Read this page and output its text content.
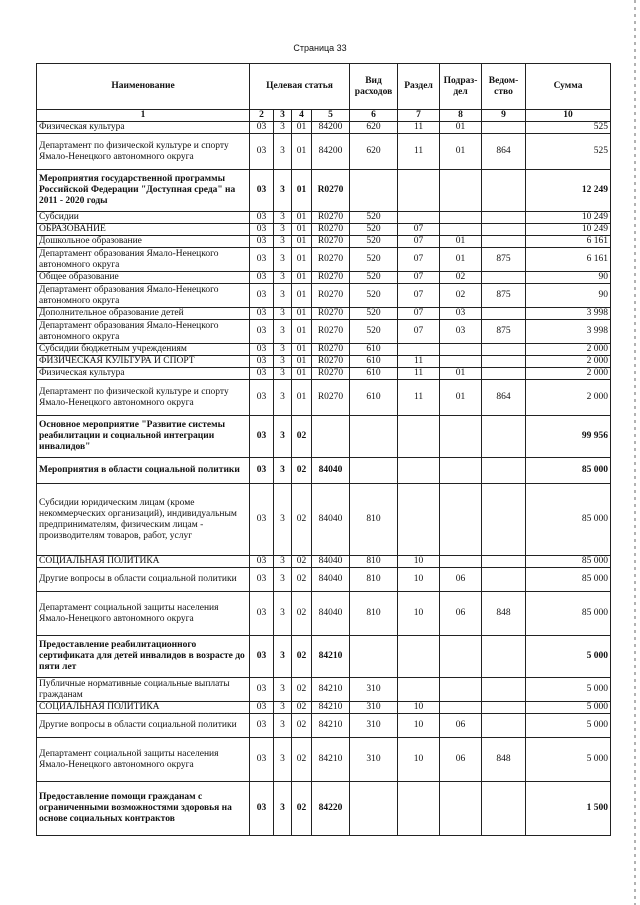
Страница 33
Наименование	Целевая статья				Вид расходов	Раздел	Подраз- дел	Ведом- ство	Сумма
1	2	3	4	5	6	7	8	9	10
Физическая культура	03	3	01	84200	620	11	01		525
Департамент по физической культуре и спорту Ямало-Ненецкого автономного округа	03	3	01	84200	620	11	01	864	525
Мероприятия государственной программы Российской Федерации "Доступная среда" на 2011 - 2020 годы	03	3	01	R0270					12 249
Субсидии	03	3	01	R0270	520				10 249
ОБРАЗОВАНИЕ	03	3	01	R0270	520	07			10 249
Дошкольное образование	03	3	01	R0270	520	07	01		6 161
Департамент образования Ямало-Ненецкого автономного округа	03	3	01	R0270	520	07	01	875	6 161
Общее образование	03	3	01	R0270	520	07	02		90
Департамент образования Ямало-Ненецкого автономного округа	03	3	01	R0270	520	07	02	875	90
Дополнительное образование детей	03	3	01	R0270	520	07	03		3 998
Департамент образования Ямало-Ненецкого автономного округа	03	3	01	R0270	520	07	03	875	3 998
Субсидии бюджетным учреждениям	03	3	01	R0270	610				2 000
ФИЗИЧЕСКАЯ КУЛЬТУРА И СПОРТ	03	3	01	R0270	610	11			2 000
Физическая культура	03	3	01	R0270	610	11	01		2 000
Департамент по физической культуре и спорту Ямало-Ненецкого автономного округа	03	3	01	R0270	610	11	01	864	2 000
Основное мероприятие "Развитие системы реабилитации и социальной интеграции инвалидов"	03	3	02						99 956
Мероприятия в области социальной политики	03	3	02	84040					85 000
Субсидии юридическим лицам (кроме некоммерческих организаций), индивидуальным предпринимателям, физическим лицам - производителям товаров, работ, услуг	03	3	02	84040	810				85 000
СОЦИАЛЬНАЯ ПОЛИТИКА	03	3	02	84040	810	10			85 000
Другие вопросы в области социальной политики	03	3	02	84040	810	10	06		85 000
Департамент социальной защиты населения Ямало-Ненецкого автономного округа	03	3	02	84040	810	10	06	848	85 000
Предоставление реабилитационного сертификата для детей инвалидов в возрасте до пяти лет	03	3	02	84210					5 000
Публичные нормативные социальные выплаты гражданам	03	3	02	84210	310				5 000
СОЦИАЛЬНАЯ ПОЛИТИКА	03	3	02	84210	310	10			5 000
Другие вопросы в области социальной политики	03	3	02	84210	310	10	06		5 000
Департамент социальной защиты населения Ямало-Ненецкого автономного округа	03	3	02	84210	310	10	06	848	5 000
Предоставление помощи гражданам с ограниченными возможностями здоровья на основе социальных контрактов	03	3	02	84220					1 500
